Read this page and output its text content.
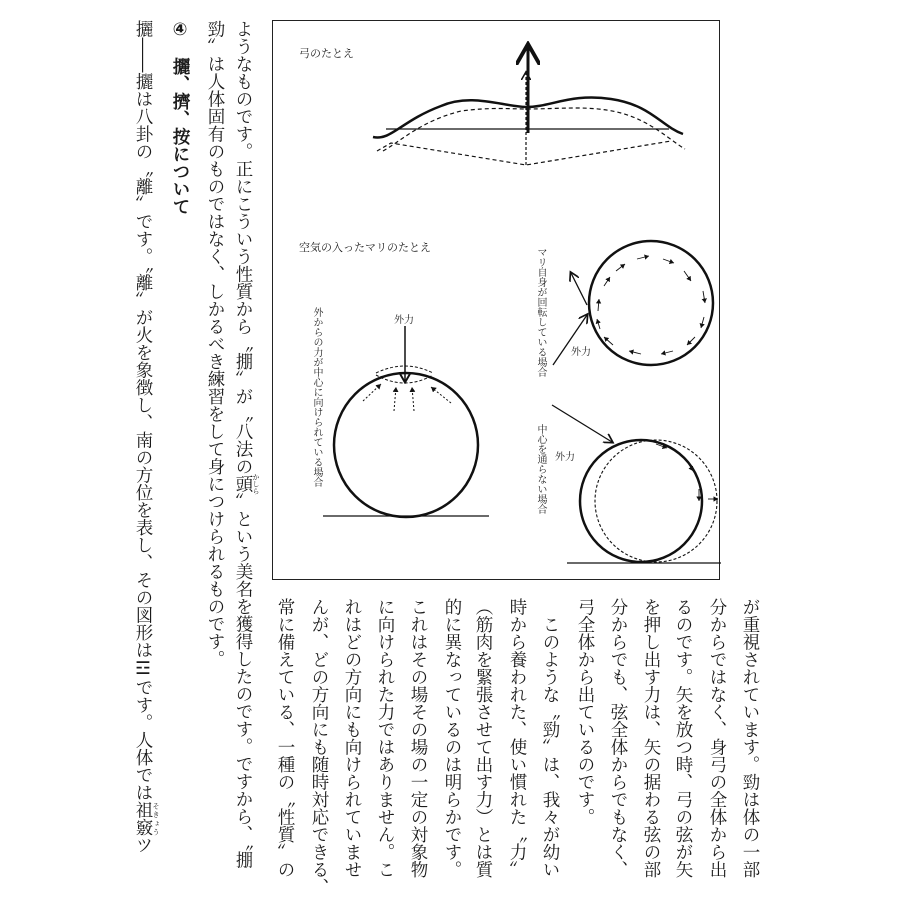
弓のたとえ
空気の入ったマリのたとえ
外からの力が中心に向けられている場合	外力	マリ自身が回転している場合	外力
中心を通らない場合 外力
が重視されています。勁は体の一部
分からではなく、身弓の全体から出
るのです。矢を放つ時、弓の弦が矢
を押し出す力は、矢の据わる弦の部
分からでも、弦全体からでもなく、
弓全体から出ているのです。
　このような〝勁〟は、我々が幼い
時から養われた、使い慣れた〝力〟
（筋肉を緊張させて出す力）とは質
的に異なっているのは明らかです。
これはその場その場の一定の対象物
に向けられた力ではありません。こ
れはどの方向にも向けられていませ
んが、どの方向にも随時対応できる、
常に備えている、一種の〝性質〟の
ようなものです。正にこういう性質から〝掤〟が〝八法の頭 かしら〟という美名を獲得したのです。ですから、〝掤
勁〟は人体固有のものではなく、しかるべき練習をして身につけられるものです。
④　攦、擠、按について
攦――攦は八卦の〝離〟です。〝離〟が火を象徴し、南の方位を表し、その図形は☲です。人体では祖竅 そきょうツ
